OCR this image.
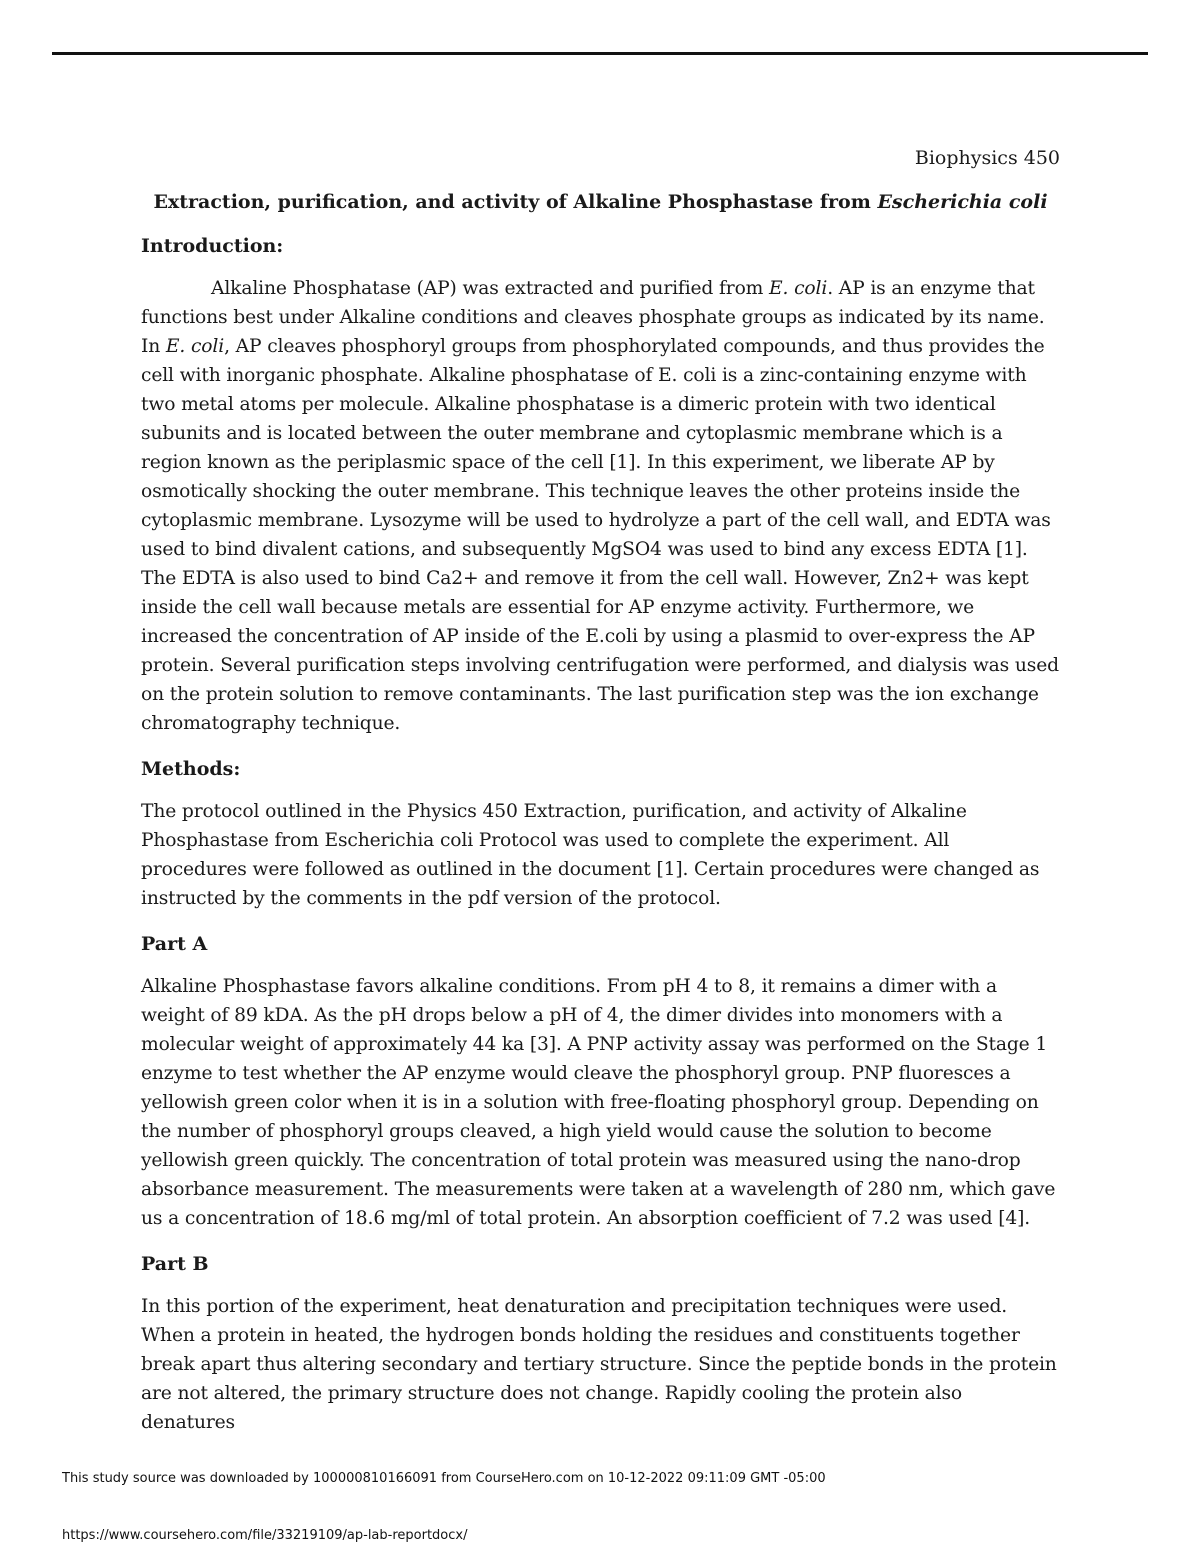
Biophysics 450
Extraction, purification, and activity of Alkaline Phosphastase from Escherichia coli
Introduction:

Alkaline Phosphatase (AP) was extracted and purified from E. coli. AP is an enzyme that functions best under Alkaline conditions and cleaves phosphate groups as indicated by its name. In E. coli, AP cleaves phosphoryl groups from phosphorylated compounds, and thus provides the cell with inorganic phosphate. Alkaline phosphatase of E. coli is a zinc-containing enzyme with two metal atoms per molecule. Alkaline phosphatase is a dimeric protein with two identical subunits and is located between the outer membrane and cytoplasmic membrane which is a region known as the periplasmic space of the cell [1]. In this experiment, we liberate AP by osmotically shocking the outer membrane. This technique leaves the other proteins inside the cytoplasmic membrane. Lysozyme will be used to hydrolyze a part of the cell wall, and EDTA was used to bind divalent cations, and subsequently MgSO4 was used to bind any excess EDTA [1]. The EDTA is also used to bind Ca2+ and remove it from the cell wall. However, Zn2+ was kept inside the cell wall because metals are essential for AP enzyme activity. Furthermore, we increased the concentration of AP inside of the E.coli by using a plasmid to over-express the AP protein. Several purification steps involving centrifugation were performed, and dialysis was used on the protein solution to remove contaminants. The last purification step was the ion exchange chromatography technique.

Methods:

The protocol outlined in the Physics 450 Extraction, purification, and activity of Alkaline Phosphastase from Escherichia coli Protocol was used to complete the experiment. All procedures were followed as outlined in the document [1]. Certain procedures were changed as instructed by the comments in the pdf version of the protocol.

Part A

Alkaline Phosphastase favors alkaline conditions. From pH 4 to 8, it remains a dimer with a weight of 89 kDA. As the pH drops below a pH of 4, the dimer divides into monomers with a molecular weight of approximately 44 ka [3]. A PNP activity assay was performed on the Stage 1 enzyme to test whether the AP enzyme would cleave the phosphoryl group. PNP fluoresces a yellowish green color when it is in a solution with free-floating phosphoryl group. Depending on the number of phosphoryl groups cleaved, a high yield would cause the solution to become yellowish green quickly. The concentration of total protein was measured using the nano-drop absorbance measurement. The measurements were taken at a wavelength of 280 nm, which gave us a concentration of 18.6 mg/ml of total protein. An absorption coefficient of 7.2 was used [4].

Part B

In this portion of the experiment, heat denaturation and precipitation techniques were used. When a protein in heated, the hydrogen bonds holding the residues and constituents together break apart thus altering secondary and tertiary structure. Since the peptide bonds in the protein are not altered, the primary structure does not change. Rapidly cooling the protein also denatures

This study source was downloaded by 100000810166091 from CourseHero.com on 10-12-2022 09:11:09 GMT -05:00
https://www.coursehero.com/file/33219109/ap-lab-reportdocx/
